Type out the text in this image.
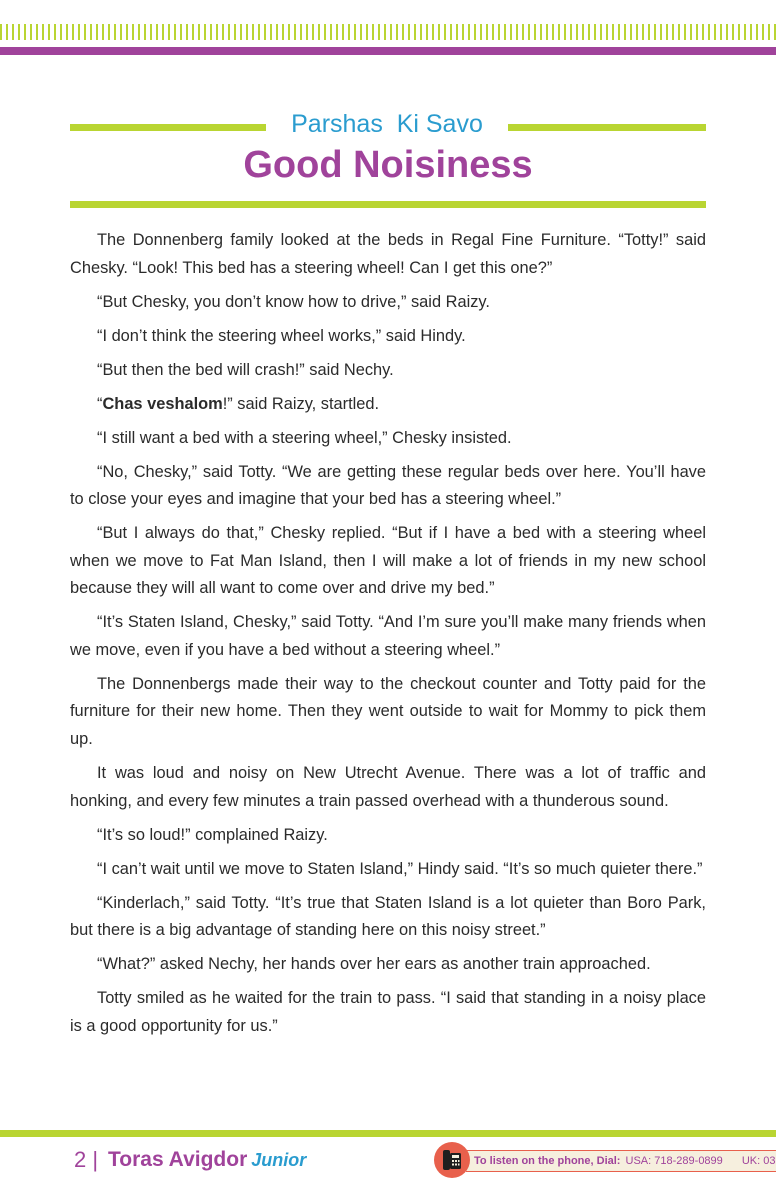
Parshas  Ki Savo
Good Noisiness

The Donnenberg family looked at the beds in Regal Fine Furniture. “Totty!” said Chesky. “Look! This bed has a steering wheel! Can I get this one?”

“But Chesky, you don’t know how to drive,” said Raizy.

“I don’t think the steering wheel works,” said Hindy.

“But then the bed will crash!” said Nechy.

“Chas veshalom!” said Raizy, startled.

“I still want a bed with a steering wheel,” Chesky insisted.

“No, Chesky,” said Totty. “We are getting these regular beds over here. You’ll have to close your eyes and imagine that your bed has a steering wheel.”

“But I always do that,” Chesky replied. “But if I have a bed with a steering wheel when we move to Fat Man Island, then I will make a lot of friends in my new school because they will all want to come over and drive my bed.”

“It’s Staten Island, Chesky,” said Totty. “And I’m sure you’ll make many friends when we move, even if you have a bed without a steering wheel.”

The Donnenbergs made their way to the checkout counter and Totty paid for the furniture for their new home. Then they went outside to wait for Mommy to pick them up.

It was loud and noisy on New Utrecht Avenue. There was a lot of traffic and honking, and every few minutes a train passed overhead with a thunderous sound.

“It’s so loud!” complained Raizy.

“I can’t wait until we move to Staten Island,” Hindy said. “It’s so much quieter there.”

“Kinderlach,” said Totty. “It’s true that Staten Island is a lot quieter than Boro Park, but there is a big advantage of standing here on this noisy street.”

“What?” asked Nechy, her hands over her ears as another train approached.

Totty smiled as he waited for the train to pass. “I said that standing in a noisy place is a good opportunity for us.”

2 | Toras Avigdor Junior	To listen on the phone, Dial: USA: 718-289-0899 UK: 03
